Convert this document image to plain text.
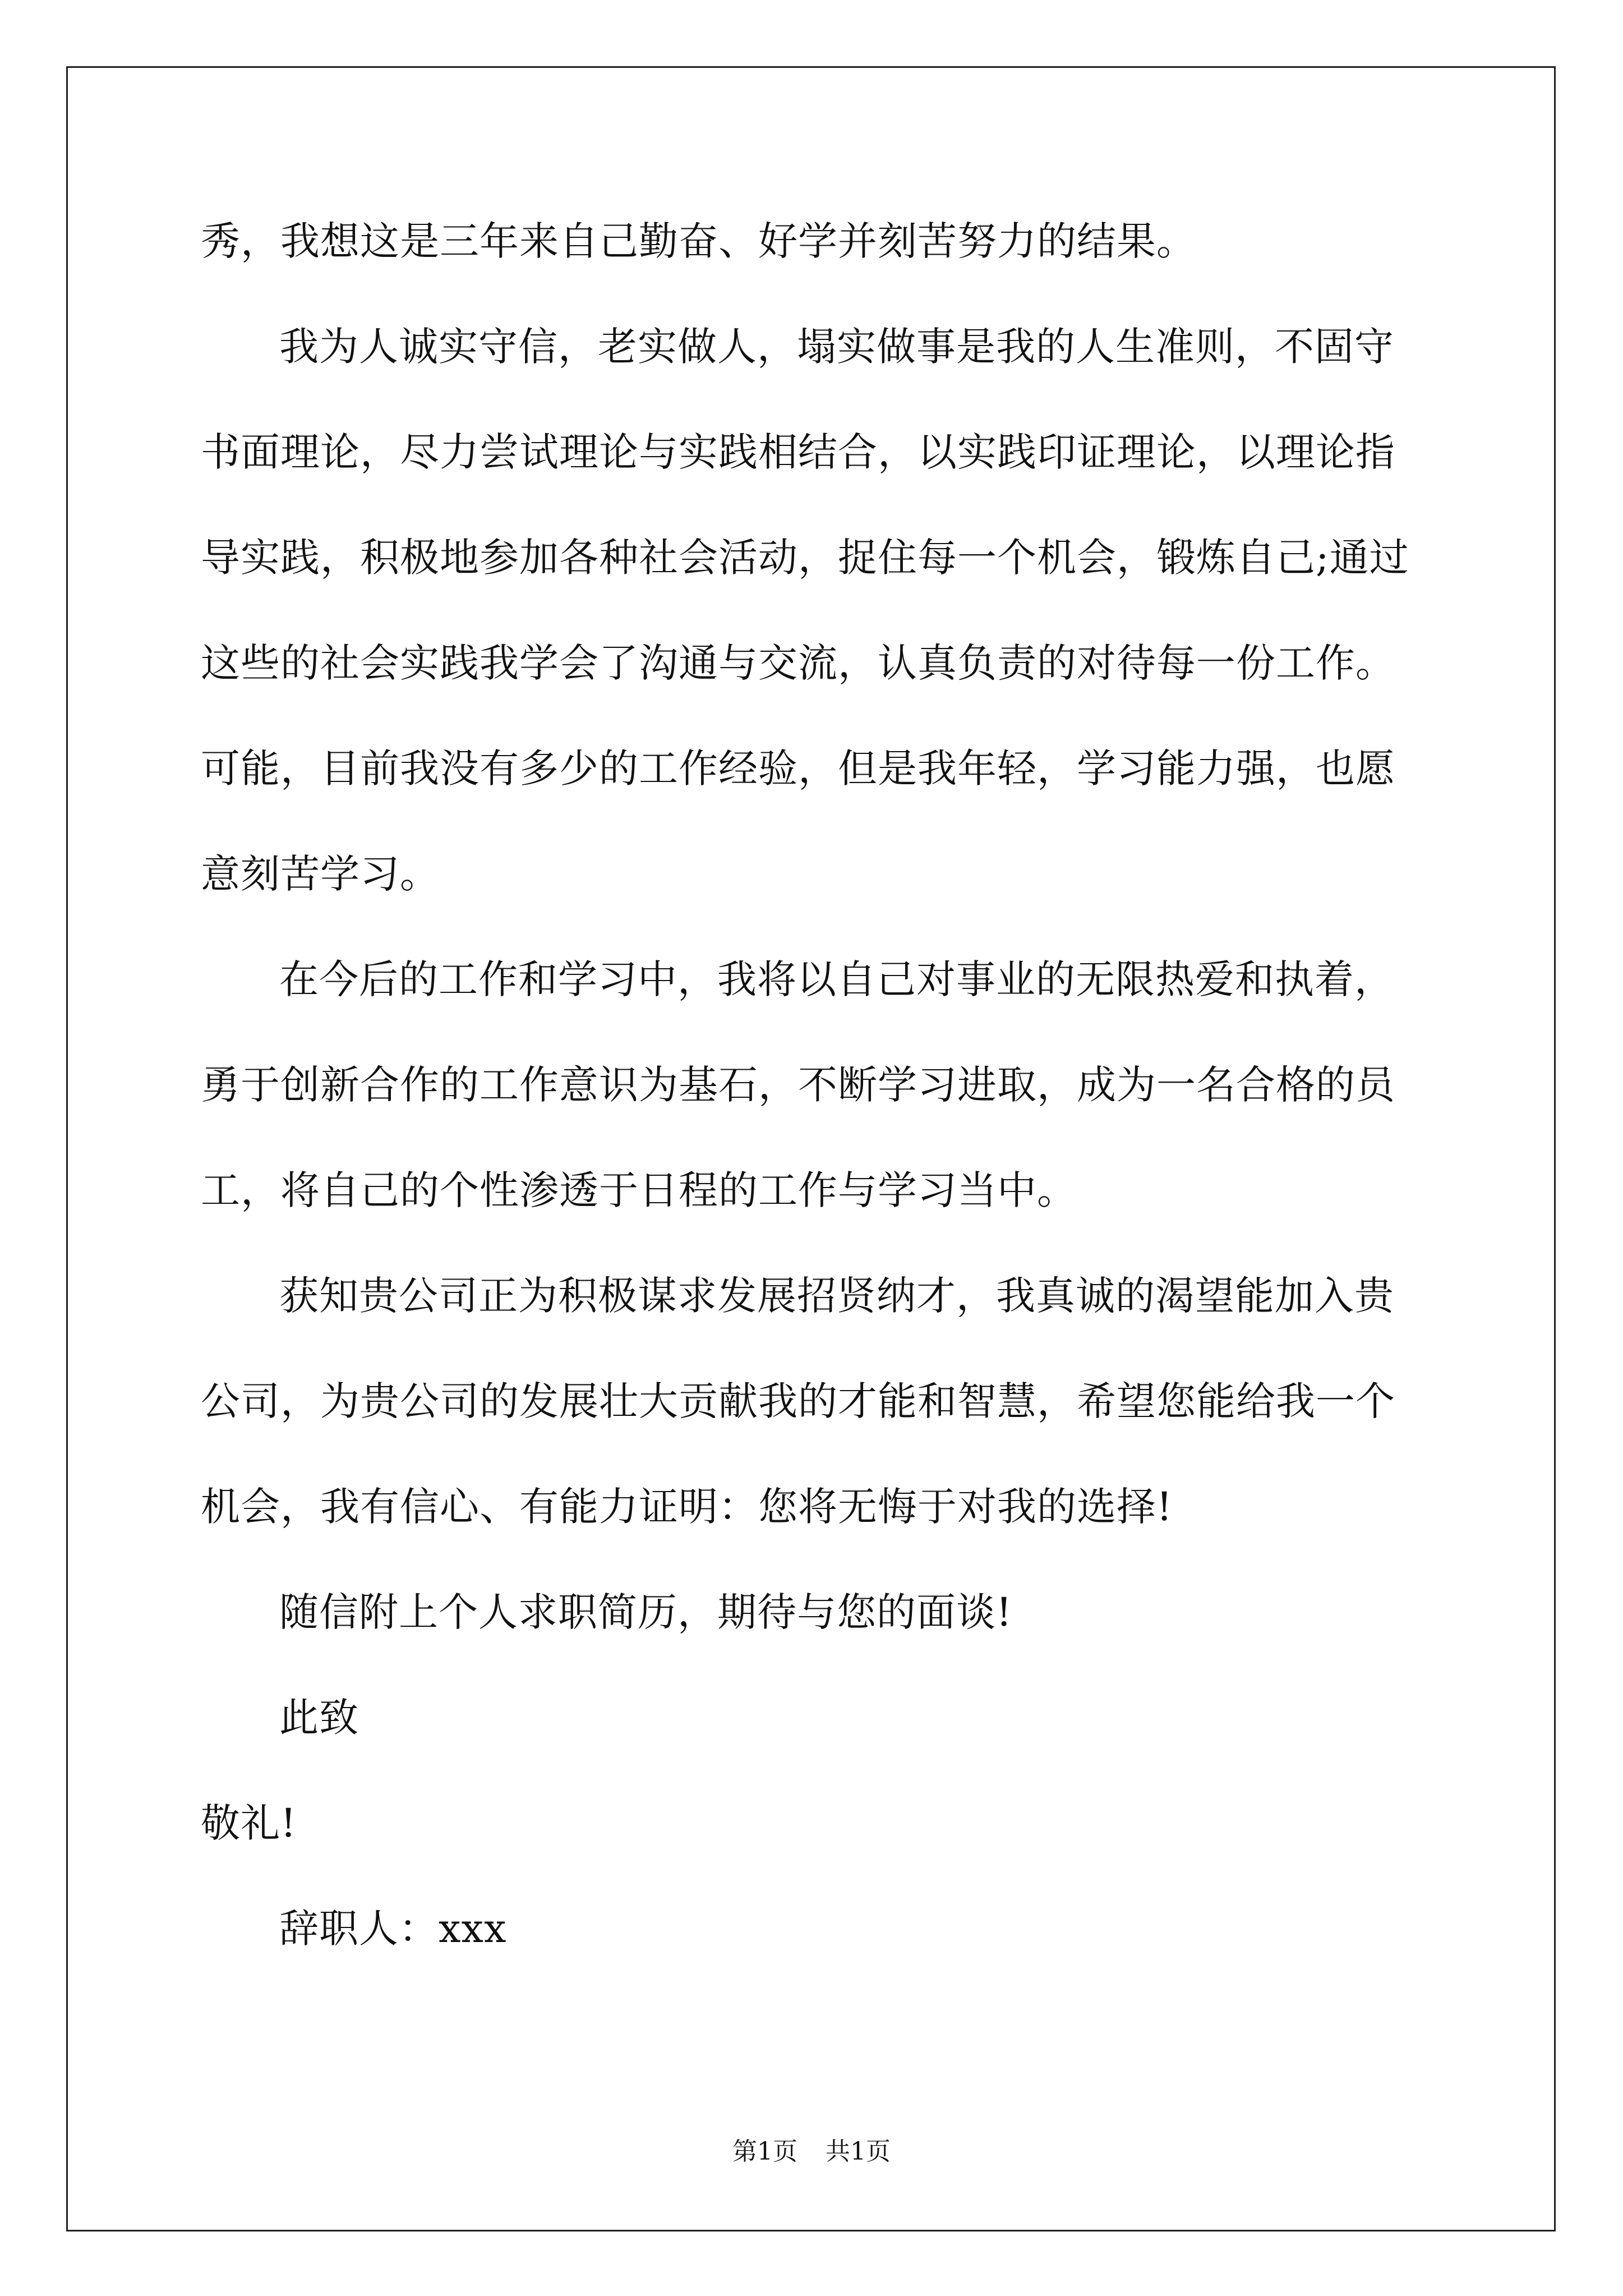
秀，我想这是三年来自己勤奋、好学并刻苦努力的结果。
我为人诚实守信，老实做人，塌实做事是我的人生准则，不固守
书面理论，尽力尝试理论与实践相结合，以实践印证理论，以理论指
导实践，积极地参加各种社会活动，捉住每一个机会，锻炼自己;通过
这些的社会实践我学会了沟通与交流，认真负责的对待每一份工作。
可能，目前我没有多少的工作经验，但是我年轻，学习能力强，也愿
意刻苦学习。
在今后的工作和学习中，我将以自己对事业的无限热爱和执着，
勇于创新合作的工作意识为基石，不断学习进取，成为一名合格的员
工，将自己的个性渗透于日程的工作与学习当中。
获知贵公司正为积极谋求发展招贤纳才，我真诚的渴望能加入贵
公司，为贵公司的发展壮大贡献我的才能和智慧，希望您能给我一个
机会，我有信心、有能力证明：您将无悔于对我的选择!
随信附上个人求职简历，期待与您的面谈!
此致
敬礼!
辞职人：xxx
第1页 共1页
